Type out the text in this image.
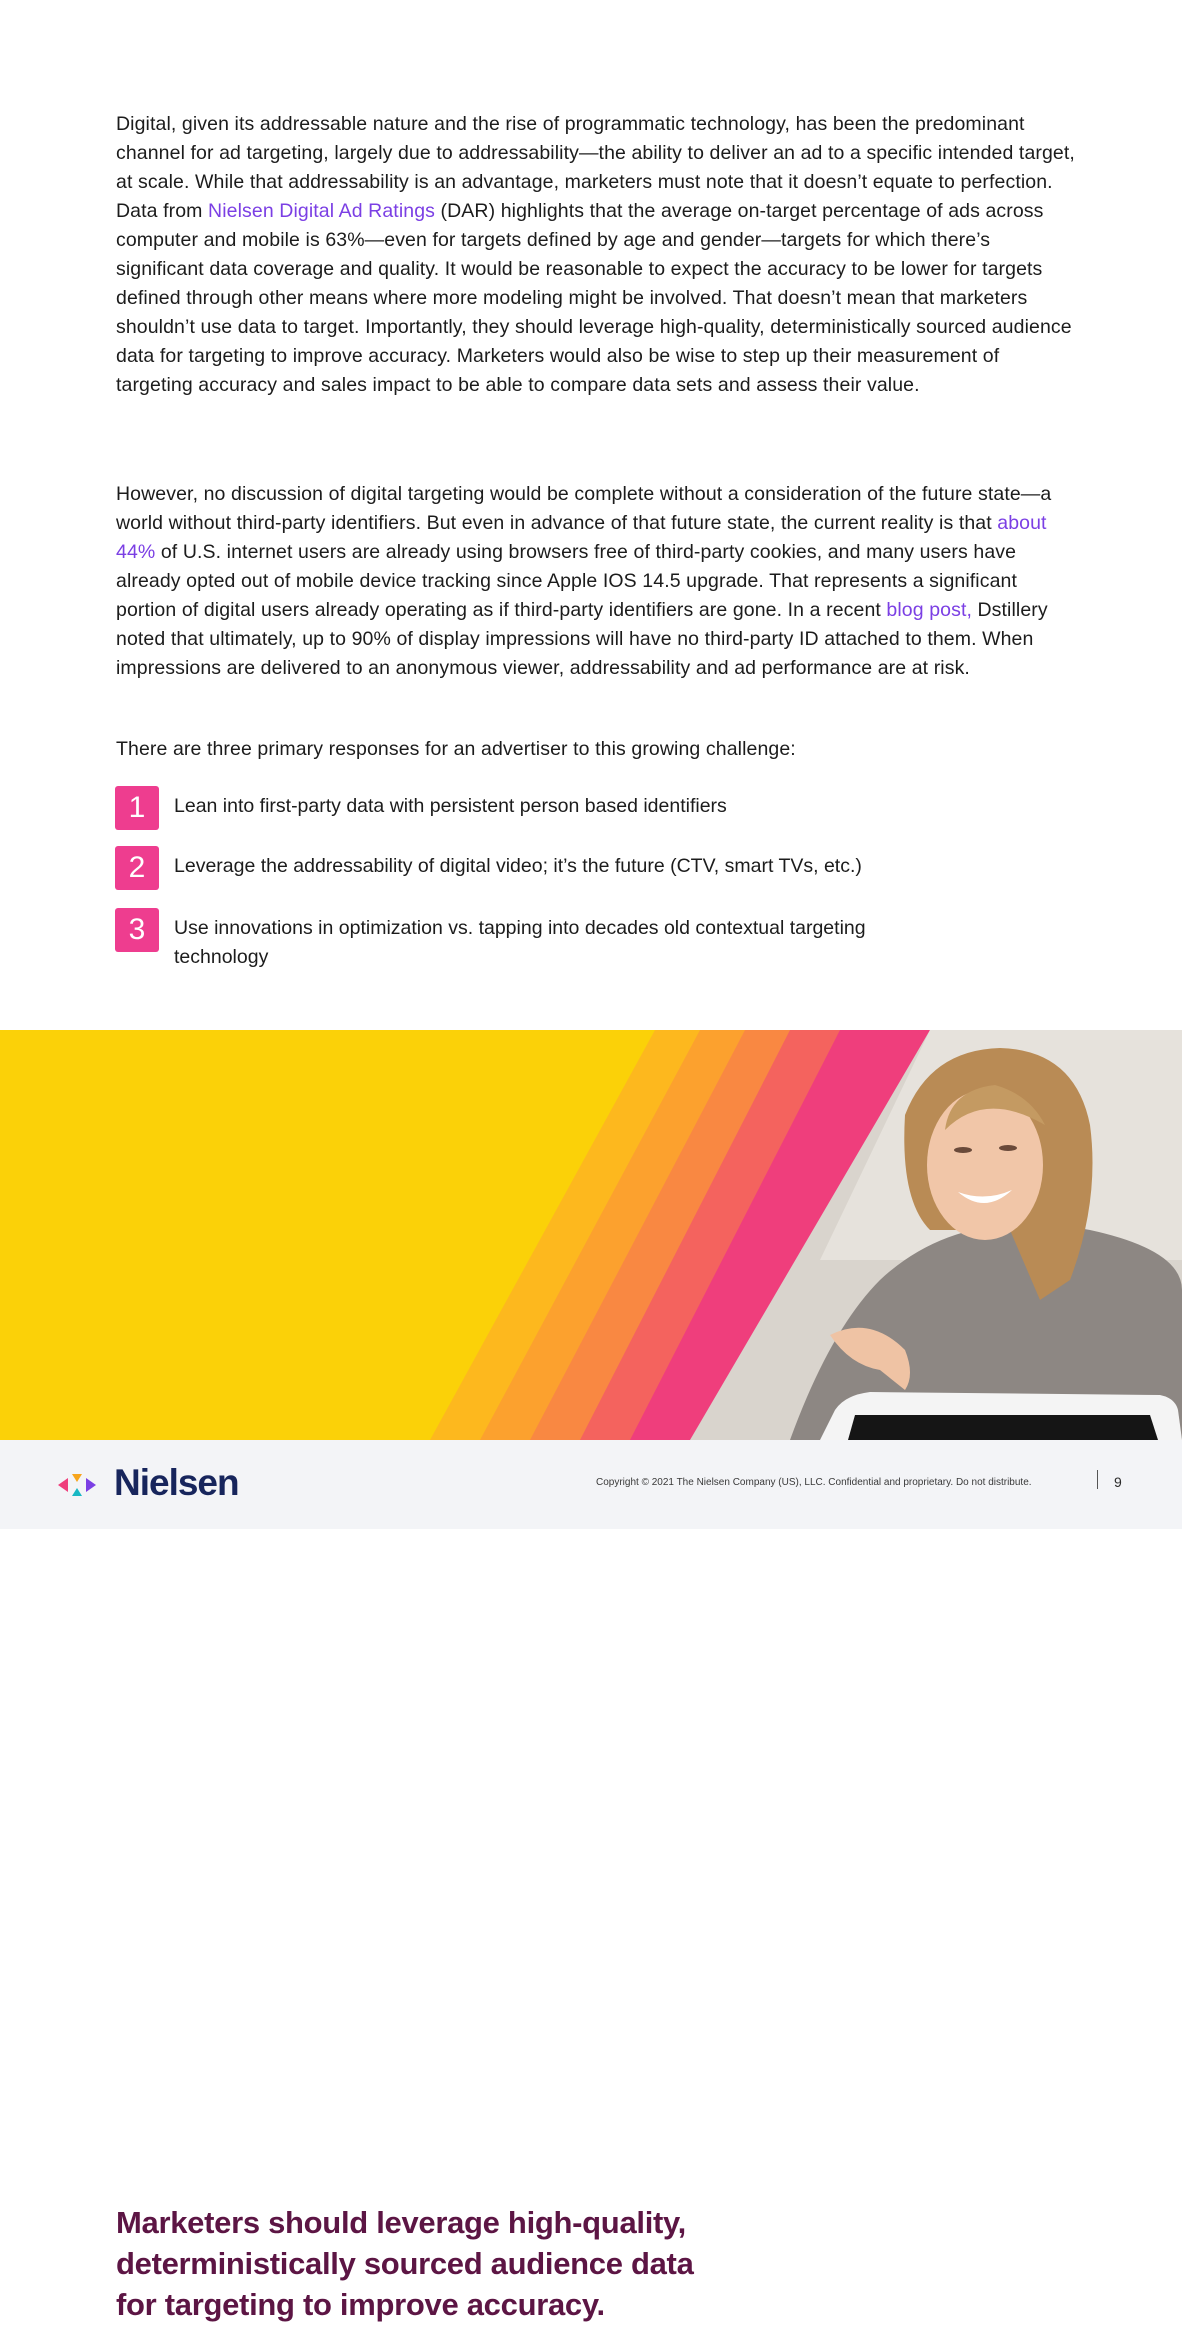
Digital, given its addressable nature and the rise of programmatic technology, has been the predominant channel for ad targeting, largely due to addressability—the ability to deliver an ad to a specific intended target, at scale. While that addressability is an advantage, marketers must note that it doesn’t equate to perfection. Data from Nielsen Digital Ad Ratings (DAR) highlights that the average on-target percentage of ads across computer and mobile is 63%—even for targets defined by age and gender—targets for which there’s significant data coverage and quality. It would be reasonable to expect the accuracy to be lower for targets defined through other means where more modeling might be involved. That doesn’t mean that marketers shouldn’t use data to target. Importantly, they should leverage high-quality, deterministically sourced audience data for targeting to improve accuracy. Marketers would also be wise to step up their measurement of targeting accuracy and sales impact to be able to compare data sets and assess their value.
However, no discussion of digital targeting would be complete without a consideration of the future state—a world without third-party identifiers. But even in advance of that future state, the current reality is that about 44% of U.S. internet users are already using browsers free of third-party cookies, and many users have already opted out of mobile device tracking since Apple IOS 14.5 upgrade. That represents a significant portion of digital users already operating as if third-party identifiers are gone. In a recent blog post, Dstillery noted that ultimately, up to 90% of display impressions will have no third-party ID attached to them. When impressions are delivered to an anonymous viewer, addressability and ad performance are at risk.
There are three primary responses for an advertiser to this growing challenge:
1	Lean into first-party data with persistent person based identifiers
2	Leverage the addressability of digital video; it’s the future (CTV, smart TVs, etc.)
3	Use innovations in optimization vs. tapping into decades old contextual targeting technology
Marketers should leverage high-quality, deterministically sourced audience data for targeting to improve accuracy.
Nielsen	Copyright © 2021 The Nielsen Company (US), LLC. Confidential and proprietary. Do not distribute.	9
